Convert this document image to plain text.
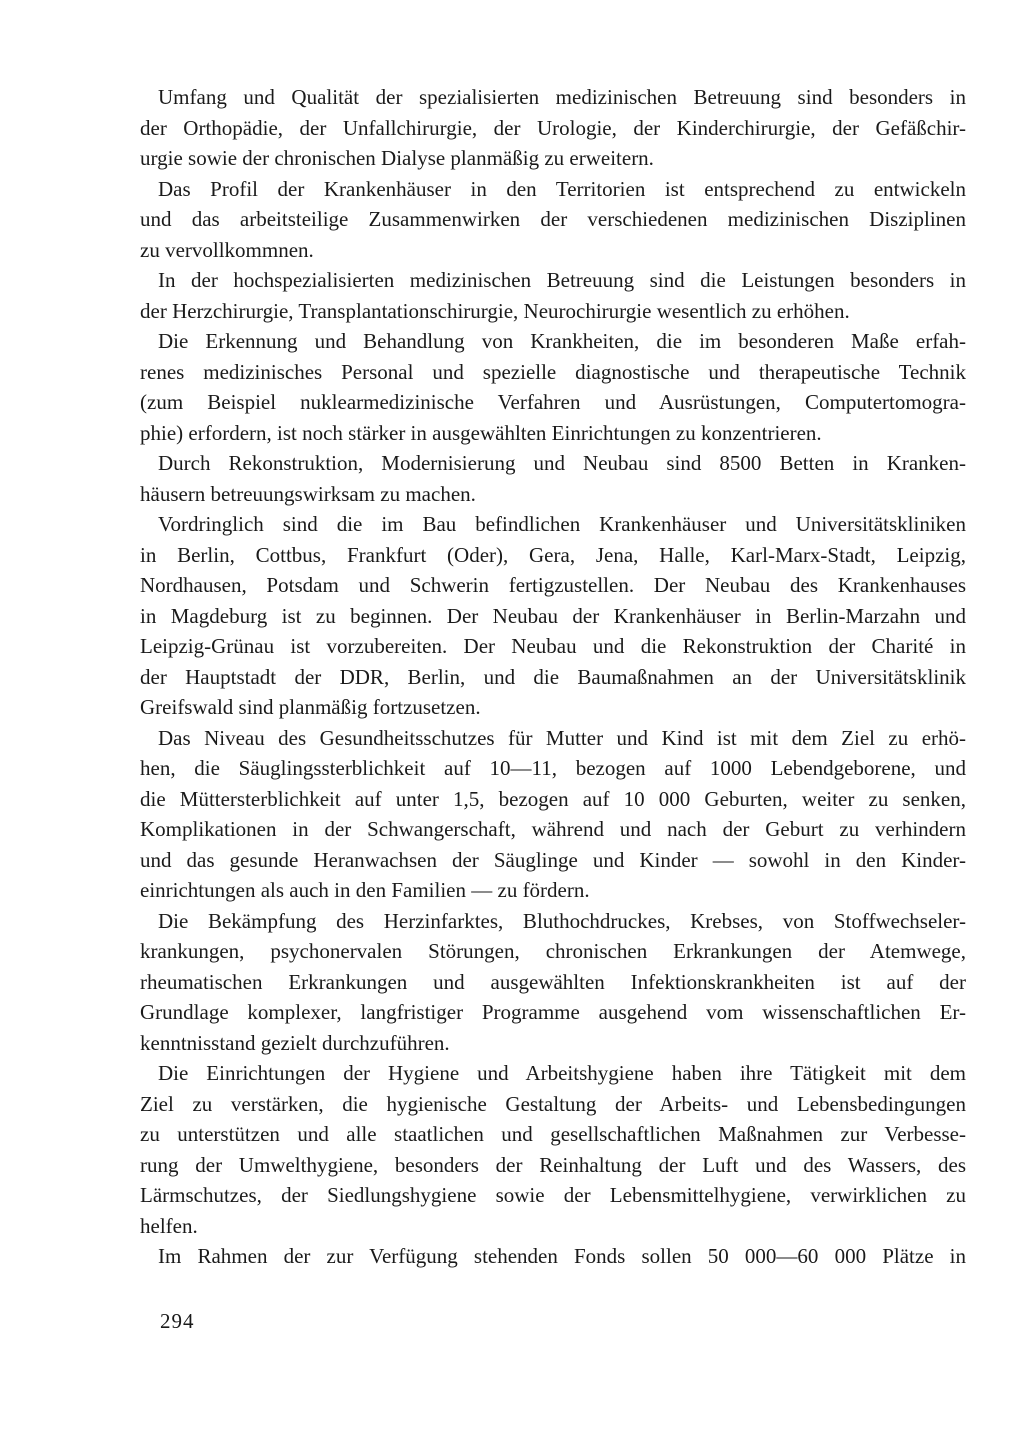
Umfang und Qualität der spezialisierten medizinischen Betreuung sind besonders in
der Orthopädie, der Unfallchirurgie, der Urologie, der Kinderchirurgie, der Gefäßchir-
urgie sowie der chronischen Dialyse planmäßig zu erweitern.
Das Profil der Krankenhäuser in den Territorien ist entsprechend zu entwickeln
und das arbeitsteilige Zusammenwirken der verschiedenen medizinischen Disziplinen
zu vervollkommnen.
In der hochspezialisierten medizinischen Betreuung sind die Leistungen besonders in
der Herzchirurgie, Transplantationschirurgie, Neurochirurgie wesentlich zu erhöhen.
Die Erkennung und Behandlung von Krankheiten, die im besonderen Maße erfah-
renes medizinisches Personal und spezielle diagnostische und therapeutische Technik
(zum Beispiel nuklearmedizinische Verfahren und Ausrüstungen, Computertomogra-
phie) erfordern, ist noch stärker in ausgewählten Einrichtungen zu konzentrieren.
Durch Rekonstruktion, Modernisierung und Neubau sind 8500 Betten in Kranken-
häusern betreuungswirksam zu machen.
Vordringlich sind die im Bau befindlichen Krankenhäuser und Universitätskliniken
in Berlin, Cottbus, Frankfurt (Oder), Gera, Jena, Halle, Karl-Marx-Stadt, Leipzig,
Nordhausen, Potsdam und Schwerin fertigzustellen. Der Neubau des Krankenhauses
in Magdeburg ist zu beginnen. Der Neubau der Krankenhäuser in Berlin-Marzahn und
Leipzig-Grünau ist vorzubereiten. Der Neubau und die Rekonstruktion der Charité in
der Hauptstadt der DDR, Berlin, und die Baumaßnahmen an der Universitätsklinik
Greifswald sind planmäßig fortzusetzen.
Das Niveau des Gesundheitsschutzes für Mutter und Kind ist mit dem Ziel zu erhö-
hen, die Säuglingssterblichkeit auf 10—11, bezogen auf 1000 Lebendgeborene, und
die Müttersterblichkeit auf unter 1,5, bezogen auf 10 000 Geburten, weiter zu senken,
Komplikationen in der Schwangerschaft, während und nach der Geburt zu verhindern
und das gesunde Heranwachsen der Säuglinge und Kinder — sowohl in den Kinder-
einrichtungen als auch in den Familien — zu fördern.
Die Bekämpfung des Herzinfarktes, Bluthochdruckes, Krebses, von Stoffwechseler-
krankungen, psychonervalen Störungen, chronischen Erkrankungen der Atemwege,
rheumatischen Erkrankungen und ausgewählten Infektionskrankheiten ist auf der
Grundlage komplexer, langfristiger Programme ausgehend vom wissenschaftlichen Er-
kenntnisstand gezielt durchzuführen.
Die Einrichtungen der Hygiene und Arbeitshygiene haben ihre Tätigkeit mit dem
Ziel zu verstärken, die hygienische Gestaltung der Arbeits- und Lebensbedingungen
zu unterstützen und alle staatlichen und gesellschaftlichen Maßnahmen zur Verbesse-
rung der Umwelthygiene, besonders der Reinhaltung der Luft und des Wassers, des
Lärmschutzes, der Siedlungshygiene sowie der Lebensmittelhygiene, verwirklichen zu
helfen.
Im Rahmen der zur Verfügung stehenden Fonds sollen 50 000—60 000 Plätze in
294
